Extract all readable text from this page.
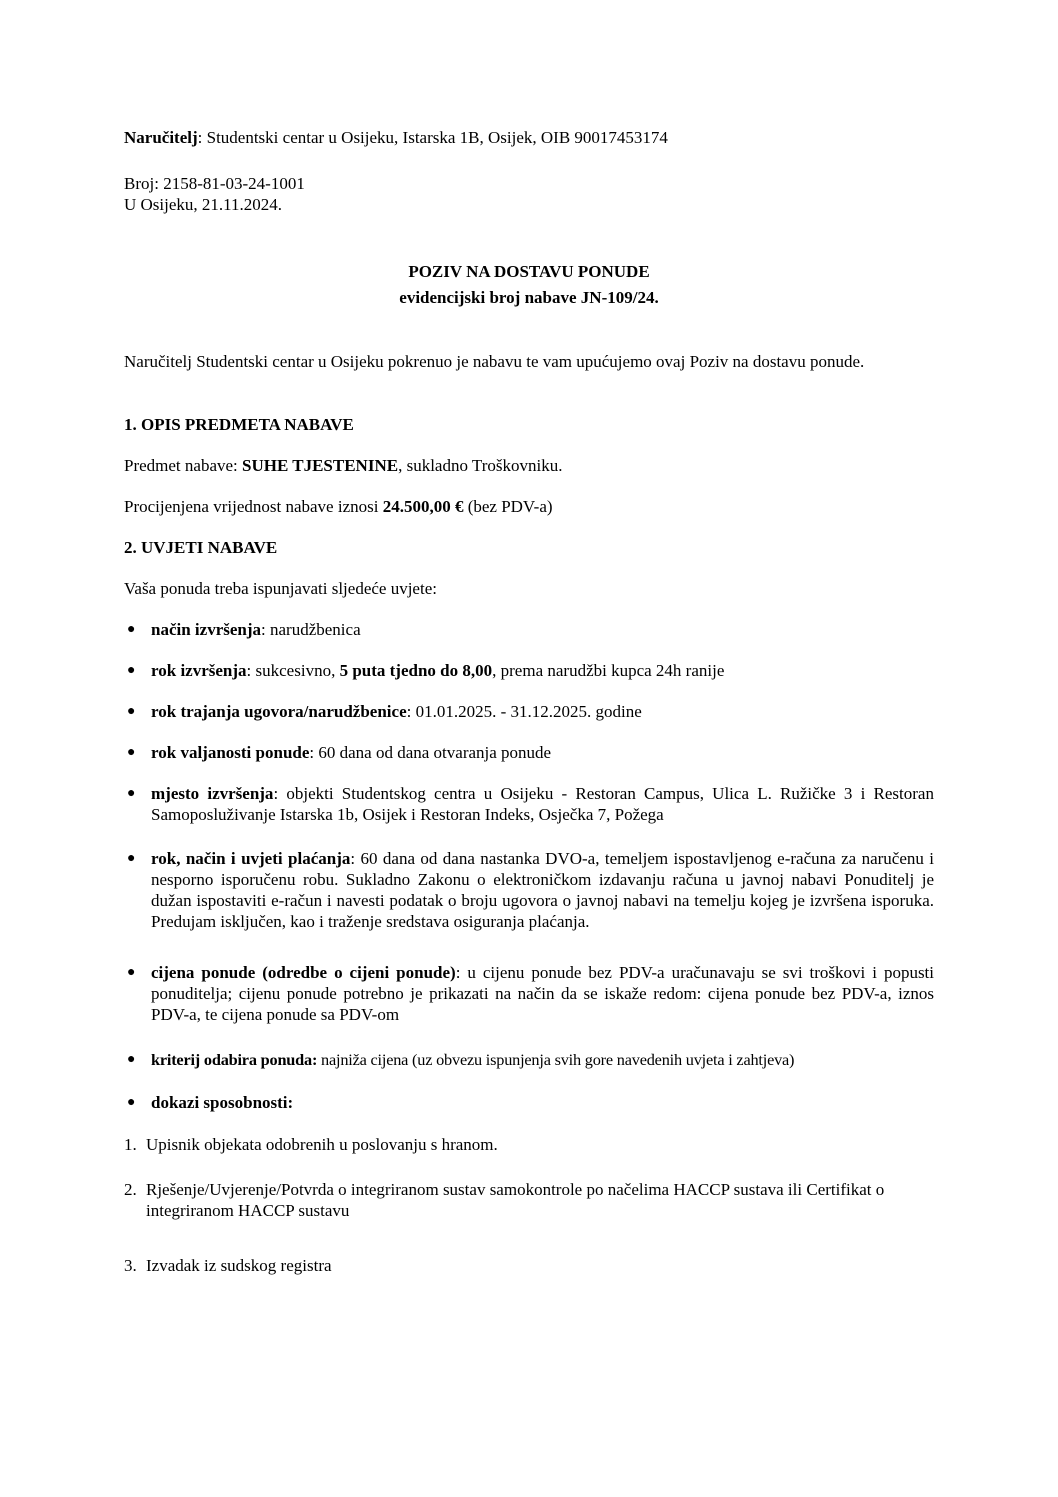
Naručitelj: Studentski centar u Osijeku, Istarska 1B, Osijek, OIB 90017453174
Broj: 2158-81-03-24-1001
U Osijeku, 21.11.2024.
POZIV NA DOSTAVU PONUDE
evidencijski broj nabave JN-109/24.
Naručitelj Studentski centar u Osijeku pokrenuo je nabavu te vam upućujemo ovaj Poziv na dostavu ponude.
1. OPIS PREDMETA NABAVE
Predmet nabave: SUHE TJESTENINE, sukladno Troškovniku.
Procijenjena vrijednost nabave iznosi 24.500,00 € (bez PDV-a)
2. UVJETI NABAVE
Vaša ponuda treba ispunjavati sljedeće uvjete:
● način izvršenja: narudžbenica
● rok izvršenja: sukcesivno, 5 puta tjedno do 8,00, prema narudžbi kupca 24h ranije
● rok trajanja ugovora/narudžbenice: 01.01.2025. - 31.12.2025. godine
● rok valjanosti ponude: 60 dana od dana otvaranja ponude
● mjesto izvršenja: objekti Studentskog centra u Osijeku - Restoran Campus, Ulica L. Ružičke 3 i Restoran Samoposluživanje Istarska 1b, Osijek i Restoran Indeks, Osječka 7, Požega
● rok, način i uvjeti plaćanja: 60 dana od dana nastanka DVO-a, temeljem ispostavljenog e-računa za naručenu i nesporno isporučenu robu. Sukladno Zakonu o elektroničkom izdavanju računa u javnoj nabavi Ponuditelj je dužan ispostaviti e-račun i navesti podatak o broju ugovora o javnoj nabavi na temelju kojeg je izvršena isporuka. Predujam isključen, kao i traženje sredstava osiguranja plaćanja.
● cijena ponude (odredbe o cijeni ponude): u cijenu ponude bez PDV-a uračunavaju se svi troškovi i popusti ponuditelja; cijenu ponude potrebno je prikazati na način da se iskaže redom: cijena ponude bez PDV-a, iznos PDV-a, te cijena ponude sa PDV-om
● kriterij odabira ponuda: najniža cijena (uz obvezu ispunjenja svih gore navedenih uvjeta i zahtjeva)
● dokazi sposobnosti:
1. Upisnik objekata odobrenih u poslovanju s hranom.
2. Rješenje/Uvjerenje/Potvrda o integriranom sustav samokontrole po načelima HACCP sustava ili Certifikat o integriranom HACCP sustavu
3. Izvadak iz sudskog registra
